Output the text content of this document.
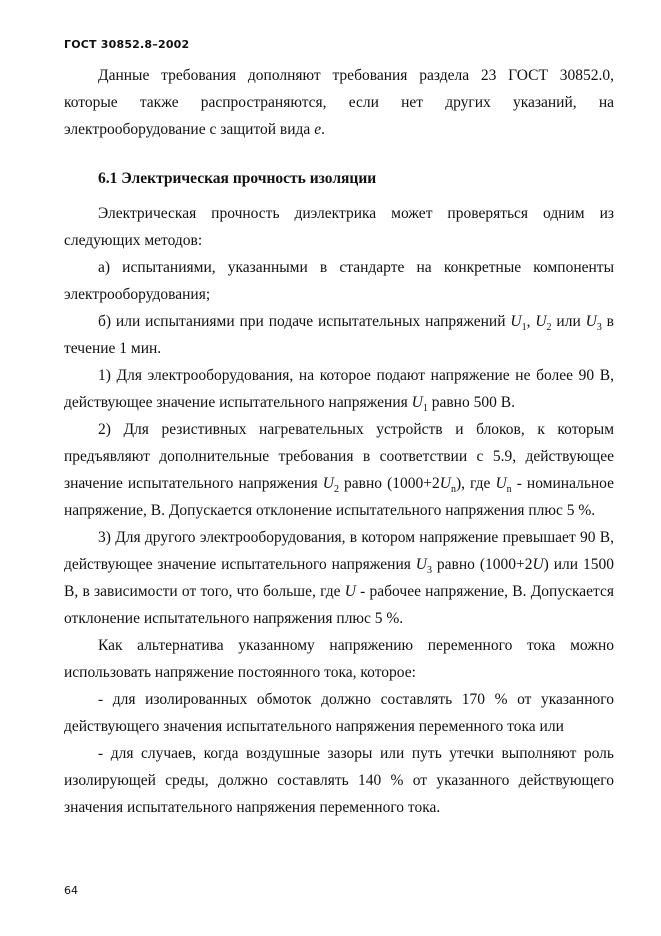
ГОСТ 30852.8–2002

Данные требования дополняют требования раздела 23 ГОСТ 30852.0, которые также распространяются, если нет других указаний, на электрооборудование с защитой вида е.

6.1 Электрическая прочность изоляции

Электрическая прочность диэлектрика может проверяться одним из следующих методов:

а) испытаниями, указанными в стандарте на конкретные компоненты электрооборудования;

б) или испытаниями при подаче испытательных напряжений $U_1$, $U_2$ или $U_3$ в течение 1 мин.

1) Для электрооборудования, на которое подают напряжение не более 90 В, действующее значение испытательного напряжения $U_1$ равно 500 В.

2) Для резистивных нагревательных устройств и блоков, к которым предъявляют дополнительные требования в соответствии с 5.9, действующее значение испытательного напряжения $U_2$ равно $(1000+2U_n)$, где $U_n$ - номинальное напряжение, В. Допускается отклонение испытательного напряжения плюс 5 %.

3) Для другого электрооборудования, в котором напряжение превышает 90 В, действующее значение испытательного напряжения $U_3$ равно (1000+2U) или 1500 В, в зависимости от того, что больше, где U - рабочее напряжение, В. Допускается отклонение испытательного напряжения плюс 5 %.

Как альтернатива указанному напряжению переменного тока можно использовать напряжение постоянного тока, которое:

- для изолированных обмоток должно составлять 170 % от указанного действующего значения испытательного напряжения переменного тока или

- для случаев, когда воздушные зазоры или путь утечки выполняют роль изолирующей среды, должно составлять 140 % от указанного действующего значения испытательного напряжения переменного тока.

64
